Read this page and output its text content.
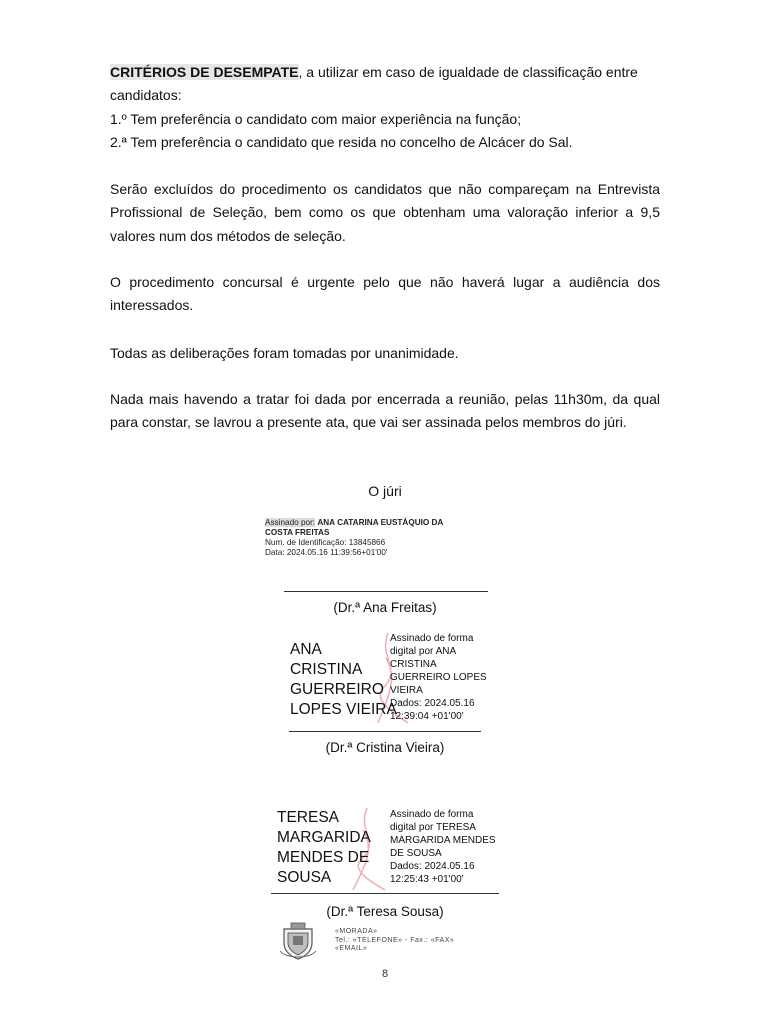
CRITÉRIOS DE DESEMPATE, a utilizar em caso de igualdade de classificação entre
candidatos:
1.º Tem preferência o candidato com maior experiência na função;
2.ª Tem preferência o candidato que resida no concelho de Alcácer do Sal.

Serão excluídos do procedimento os candidatos que não compareçam na Entrevista Profissional de Seleção, bem como os que obtenham uma valoração inferior a 9,5 valores num dos métodos de seleção.

O procedimento concursal é urgente pelo que não haverá lugar a audiência dos interessados.

Todas as deliberações foram tomadas por unanimidade.

Nada mais havendo a tratar foi dada por encerrada a reunião, pelas 11h30m, da qual para constar, se lavrou a presente ata, que vai ser assinada pelos membros do júri.

O júri
Assinado por: ANA CATARINA EUSTÁQUIO DA
COSTA FREITAS
Num. de Identificação: 13845866
Data: 2024.05.16 11:39:56+01'00'
(Dr.ª Ana Freitas)
ANA
CRISTINA
GUERREIRO
LOPES VIEIRA
Assinado de forma
digital por ANA
CRISTINA
GUERREIRO LOPES
VIEIRA
Dados: 2024.05.16
12:39:04 +01'00'
(Dr.ª Cristina Vieira)
TERESA
MARGARIDA
MENDES DE
SOUSA
Assinado de forma
digital por TERESA
MARGARIDA MENDES
DE SOUSA
Dados: 2024.05.16
12:25:43 +01'00'
(Dr.ª Teresa Sousa)
«MORADA»
Tel.: «TELEFONE» - Fax.: «FAX»
«EMAIL»
8
